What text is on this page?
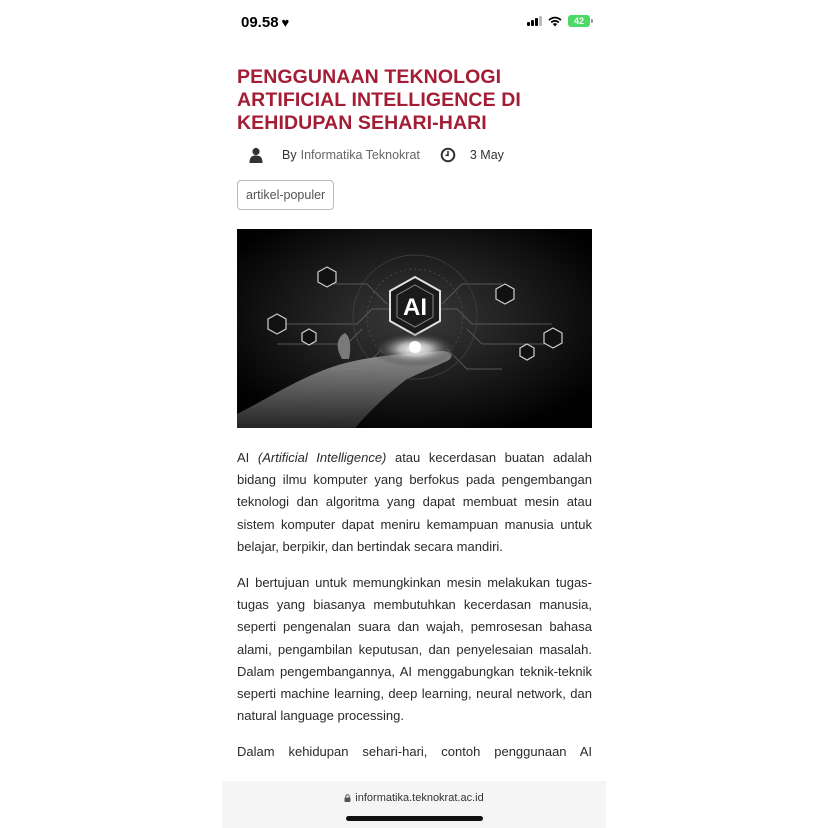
09.58 ♥	42
PENGGUNAAN TEKNOLOGI ARTIFICIAL INTELLIGENCE DI KEHIDUPAN SEHARI-HARI
By Informatika Teknokrat	3 May
artikel-populer
AI

AI (Artificial Intelligence) atau kecerdasan buatan adalah bidang ilmu komputer yang berfokus pada pengembangan teknologi dan algoritma yang dapat membuat mesin atau sistem komputer dapat meniru kemampuan manusia untuk belajar, berpikir, dan bertindak secara mandiri.

AI bertujuan untuk memungkinkan mesin melakukan tugas-tugas yang biasanya membutuhkan kecerdasan manusia, seperti pengenalan suara dan wajah, pemrosesan bahasa alami, pengambilan keputusan, dan penyelesaian masalah. Dalam pengembangannya, AI menggabungkan teknik-teknik seperti machine learning, deep learning, neural network, dan natural language processing.

Dalam kehidupan sehari-hari, contoh penggunaan AI

informatika.teknokrat.ac.id
